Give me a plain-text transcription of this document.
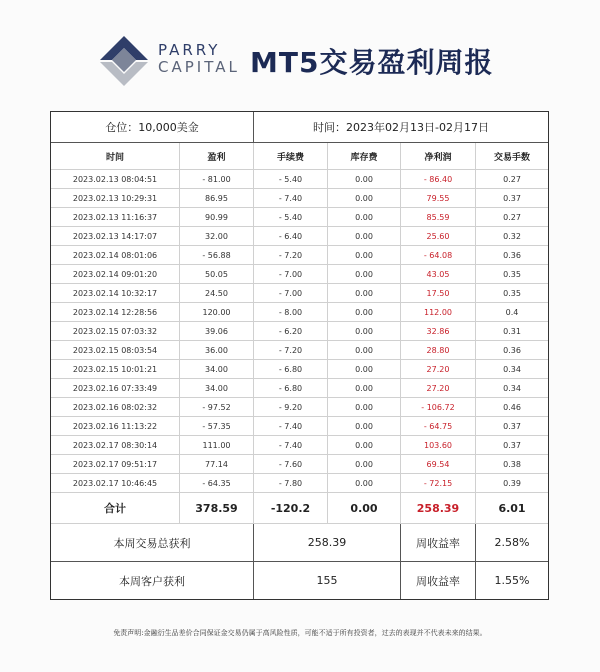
PARRY
CAPITAL MT5交易盈利周报
仓位：10,000美金		时间：2023年02月13日-02月17日			
时间	盈利	手续费	库存费	净利润	交易手数
2023.02.13 08:04:51	- 81.00	- 5.40	0.00	- 86.40	0.27
2023.02.13 10:29:31	86.95	- 7.40	0.00	79.55	0.37
2023.02.13 11:16:37	90.99	- 5.40	0.00	85.59	0.27
2023.02.13 14:17:07	32.00	- 6.40	0.00	25.60	0.32
2023.02.14 08:01:06	- 56.88	- 7.20	0.00	- 64.08	0.36
2023.02.14 09:01:20	50.05	- 7.00	0.00	43.05	0.35
2023.02.14 10:32:17	24.50	- 7.00	0.00	17.50	0.35
2023.02.14 12:28:56	120.00	- 8.00	0.00	112.00	0.4
2023.02.15 07:03:32	39.06	- 6.20	0.00	32.86	0.31
2023.02.15 08:03:54	36.00	- 7.20	0.00	28.80	0.36
2023.02.15 10:01:21	34.00	- 6.80	0.00	27.20	0.34
2023.02.16 07:33:49	34.00	- 6.80	0.00	27.20	0.34
2023.02.16 08:02:32	- 97.52	- 9.20	0.00	- 106.72	0.46
2023.02.16 11:13:22	- 57.35	- 7.40	0.00	- 64.75	0.37
2023.02.17 08:30:14	111.00	- 7.40	0.00	103.60	0.37
2023.02.17 09:51:17	77.14	- 7.60	0.00	69.54	0.38
2023.02.17 10:46:45	- 64.35	- 7.80	0.00	- 72.15	0.39
合计	378.59	-120.2	0.00	258.39	6.01
本周交易总获利		258.39		周收益率	2.58%
本周客户获利		155		周收益率	1.55%
免责声明:金融衍生品差价合同保证金交易仍属于高风险性质，可能不适于所有投资者，过去的表现并不代表未来的结果。
